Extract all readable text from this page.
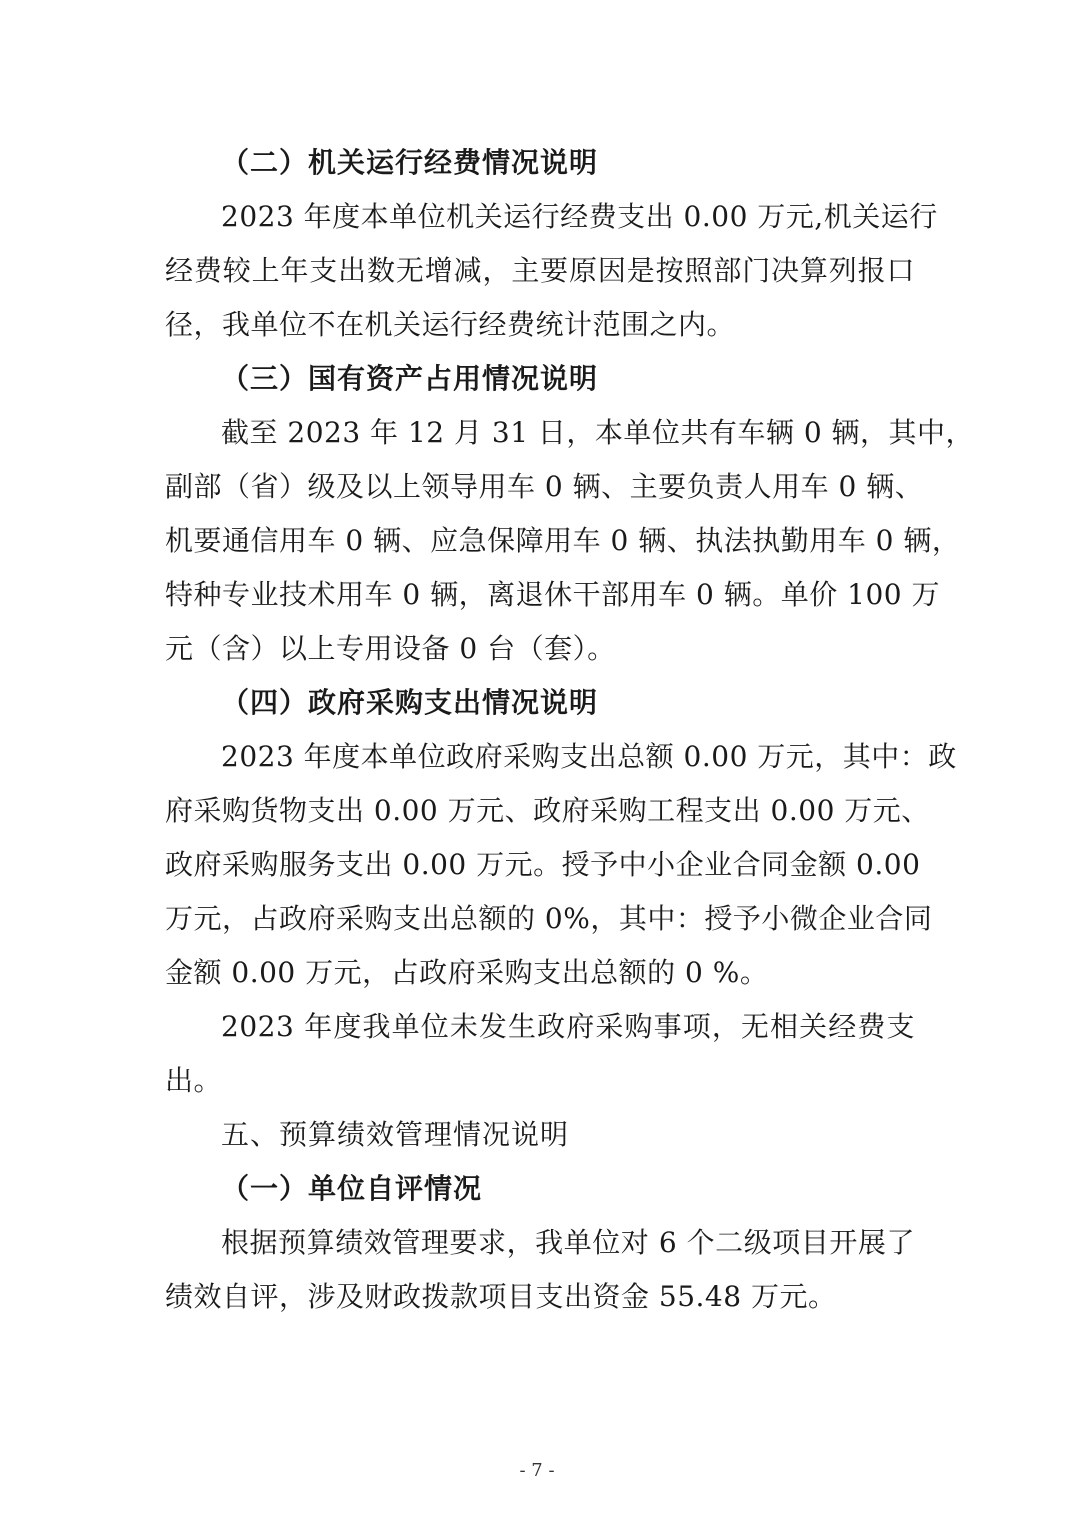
（二）机关运行经费情况说明
2023 年度本单位机关运行经费支出 0.00 万元,机关运行
经费较上年支出数无增减，主要原因是按照部门决算列报口
径，我单位不在机关运行经费统计范围之内。
（三）国有资产占用情况说明
截至 2023 年 12 月 31 日，本单位共有车辆 0 辆，其中，
副部（省）级及以上领导用车 0 辆、主要负责人用车 0 辆、
机要通信用车 0 辆、应急保障用车 0 辆、执法执勤用车 0 辆，
特种专业技术用车 0 辆，离退休干部用车 0 辆。单价 100 万
元（含）以上专用设备 0 台（套）。
（四）政府采购支出情况说明
2023 年度本单位政府采购支出总额 0.00 万元，其中：政
府采购货物支出 0.00 万元、政府采购工程支出 0.00 万元、
政府采购服务支出 0.00 万元。授予中小企业合同金额 0.00
万元，占政府采购支出总额的 0%，其中：授予小微企业合同
金额 0.00 万元，占政府采购支出总额的 0 %。
2023 年度我单位未发生政府采购事项，无相关经费支
出。
五、预算绩效管理情况说明
（一）单位自评情况
根据预算绩效管理要求，我单位对 6 个二级项目开展了
绩效自评，涉及财政拨款项目支出资金 55.48 万元。
- 7 -
